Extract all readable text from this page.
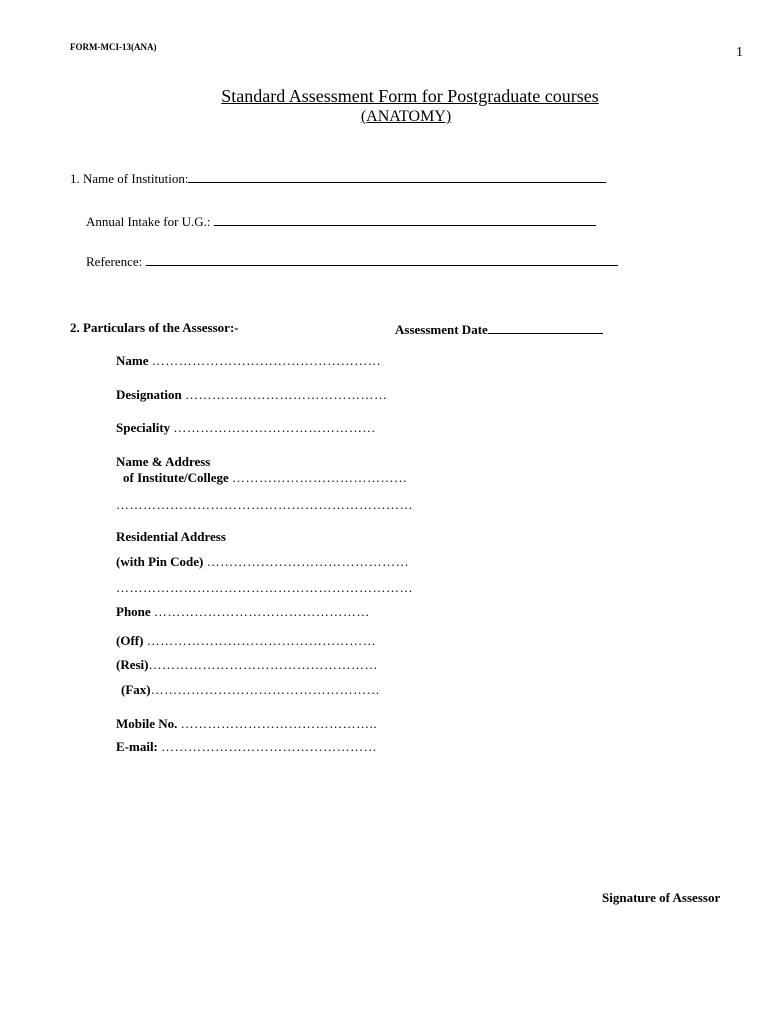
FORM-MCI-13(ANA)	1
Standard Assessment Form for Postgraduate courses
(ANATOMY)
1. Name of Institution:
Annual Intake for U.G.:
Reference:
2. Particulars of the Assessor:-	Assessment Date
Name ……………………………………………
Designation ………………………………………
Speciality ………………………………………
Name & Address
of Institute/College …………………………………
…………………………………………………………
Residential Address
(with Pin Code) ………………………………………
…………………………………………………………
Phone …………………………………………
(Off) ……………………………………………
(Resi)……………………………………………
(Fax)……………………………………………
Mobile No. ……………………………………..
E-mail: …………………………………………
Signature of Assessor
